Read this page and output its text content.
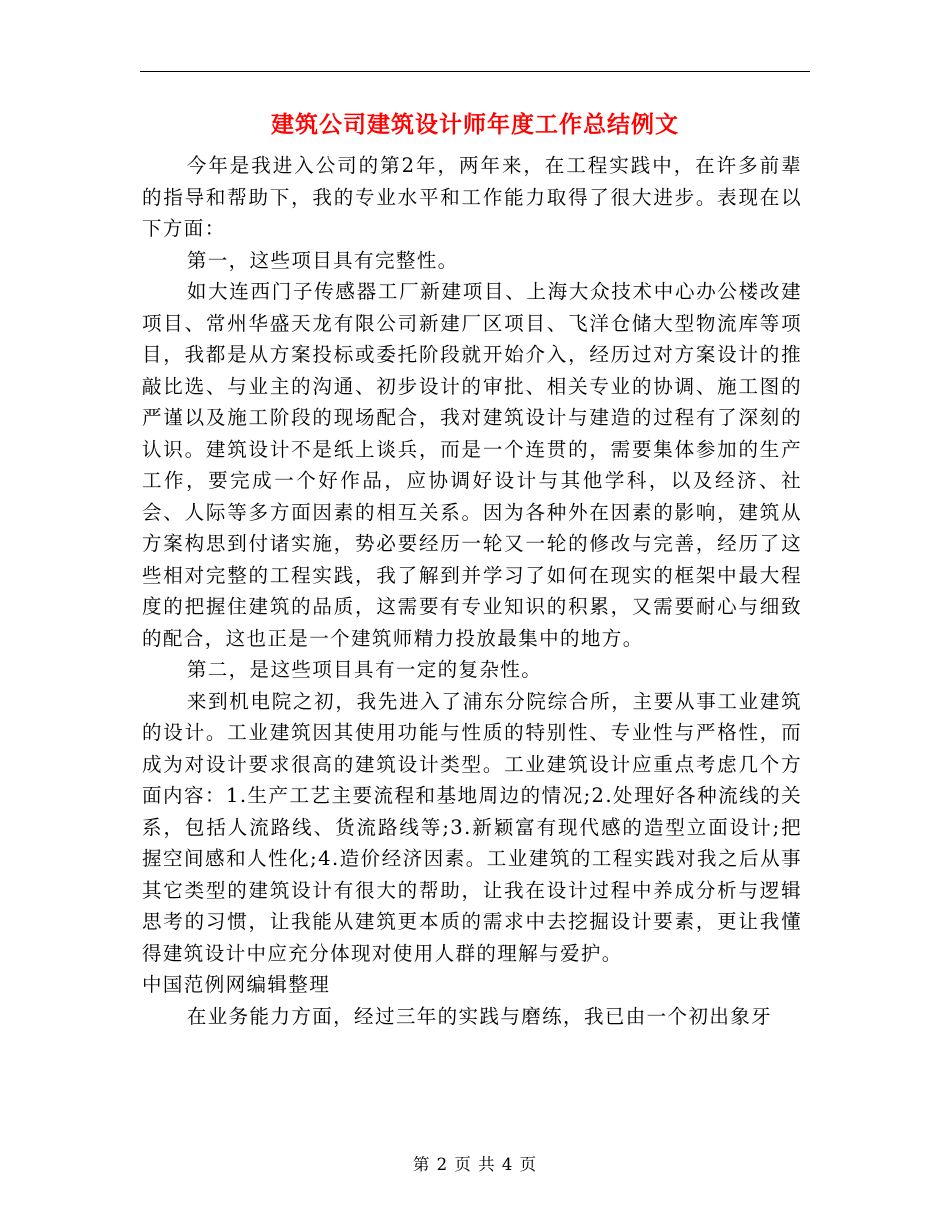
建筑公司建筑设计师年度工作总结例文

今年是我进入公司的第2年，两年来，在工程实践中，在许多前辈的指导和帮助下，我的专业水平和工作能力取得了很大进步。表现在以下方面：

第一，这些项目具有完整性。

如大连西门子传感器工厂新建项目、上海大众技术中心办公楼改建项目、常州华盛天龙有限公司新建厂区项目、飞洋仓储大型物流库等项目，我都是从方案投标或委托阶段就开始介入，经历过对方案设计的推敲比选、与业主的沟通、初步设计的审批、相关专业的协调、施工图的严谨以及施工阶段的现场配合，我对建筑设计与建造的过程有了深刻的认识。建筑设计不是纸上谈兵，而是一个连贯的，需要集体参加的生产工作，要完成一个好作品，应协调好设计与其他学科，以及经济、社会、人际等多方面因素的相互关系。因为各种外在因素的影响，建筑从方案构思到付诸实施，势必要经历一轮又一轮的修改与完善，经历了这些相对完整的工程实践，我了解到并学习了如何在现实的框架中最大程度的把握住建筑的品质，这需要有专业知识的积累，又需要耐心与细致的配合，这也正是一个建筑师精力投放最集中的地方。

第二，是这些项目具有一定的复杂性。

来到机电院之初，我先进入了浦东分院综合所，主要从事工业建筑的设计。工业建筑因其使用功能与性质的特别性、专业性与严格性，而成为对设计要求很高的建筑设计类型。工业建筑设计应重点考虑几个方面内容：1.生产工艺主要流程和基地周边的情况;2.处理好各种流线的关系，包括人流路线、货流路线等;3.新颖富有现代感的造型立面设计;把握空间感和人性化;4.造价经济因素。工业建筑的工程实践对我之后从事其它类型的建筑设计有很大的帮助，让我在设计过程中养成分析与逻辑思考的习惯，让我能从建筑更本质的需求中去挖掘设计要素，更让我懂得建筑设计中应充分体现对使用人群的理解与爱护。

中国范例网编辑整理

在业务能力方面，经过三年的实践与磨练，我已由一个初出象牙

第 2 页 共 4 页
